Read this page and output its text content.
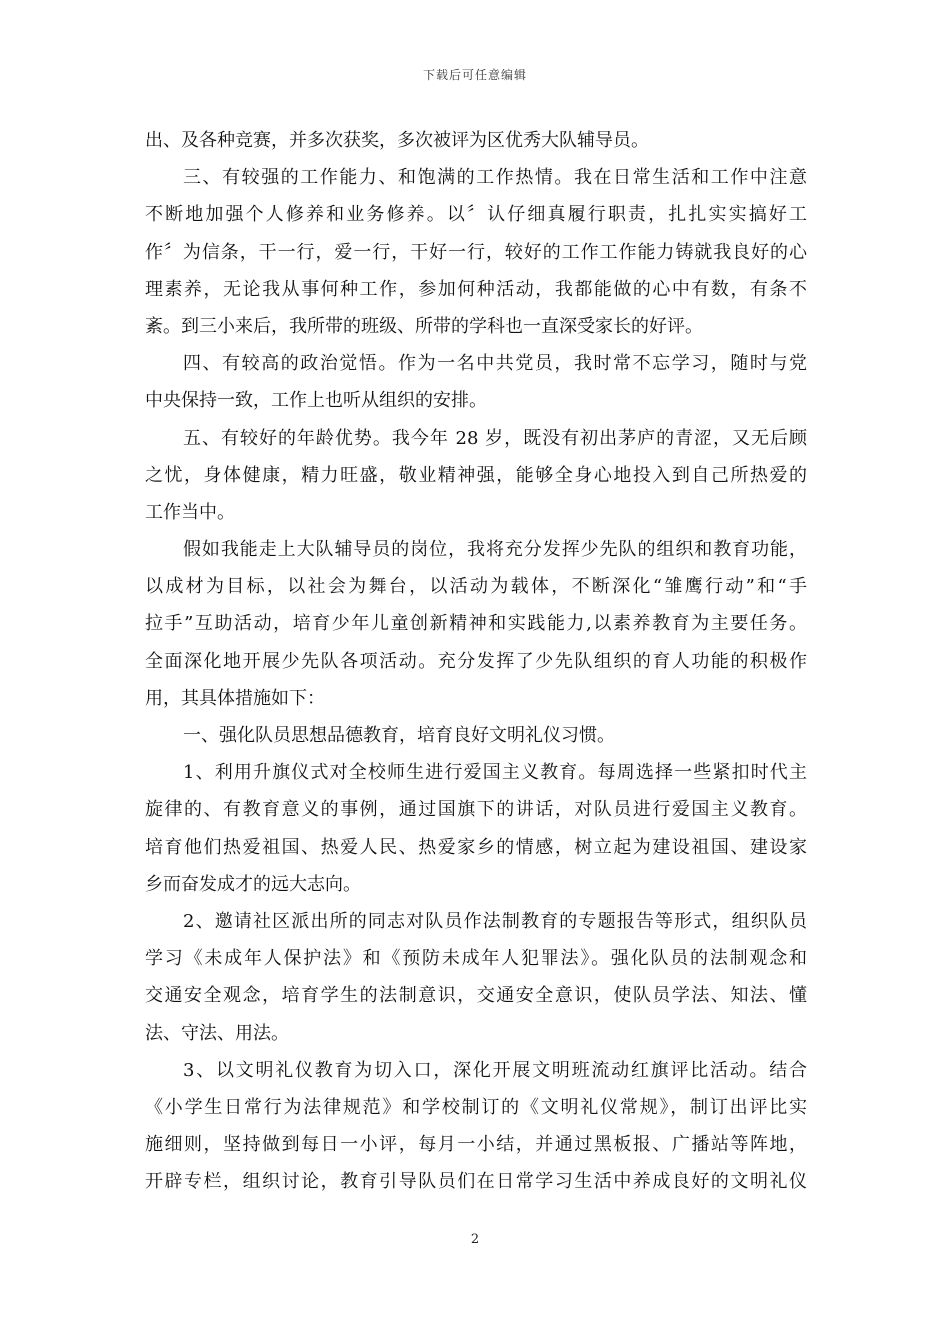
下载后可任意编辑
出、及各种竞赛，并多次获奖，多次被评为区优秀大队辅导员。
三、有较强的工作能力、和饱满的工作热情。我在日常生活和工作中注意
不断地加强个人修养和业务修养。以〞认仔细真履行职责，扎扎实实搞好工
作〞为信条，干一行，爱一行，干好一行，较好的工作工作能力铸就我良好的心
理素养，无论我从事何种工作，参加何种活动，我都能做的心中有数，有条不
紊。到三小来后，我所带的班级、所带的学科也一直深受家长的好评。
四、有较高的政治觉悟。作为一名中共党员，我时常不忘学习，随时与党
中央保持一致，工作上也听从组织的安排。
五、有较好的年龄优势。我今年 28 岁，既没有初出茅庐的青涩，又无后顾
之忧，身体健康，精力旺盛，敬业精神强，能够全身心地投入到自己所热爱的
工作当中。
假如我能走上大队辅导员的岗位，我将充分发挥少先队的组织和教育功能，
以成材为目标，以社会为舞台，以活动为载体，不断深化“雏鹰行动”和“手
拉手”互助活动，培育少年儿童创新精神和实践能力,以素养教育为主要任务。
全面深化地开展少先队各项活动。充分发挥了少先队组织的育人功能的积极作
用，其具体措施如下：
一、强化队员思想品德教育，培育良好文明礼仪习惯。
1、利用升旗仪式对全校师生进行爱国主义教育。每周选择一些紧扣时代主
旋律的、有教育意义的事例，通过国旗下的讲话，对队员进行爱国主义教育。
培育他们热爱祖国、热爱人民、热爱家乡的情感，树立起为建设祖国、建设家
乡而奋发成才的远大志向。
2、邀请社区派出所的同志对队员作法制教育的专题报告等形式，组织队员
学习《未成年人保护法》和《预防未成年人犯罪法》。强化队员的法制观念和
交通安全观念，培育学生的法制意识，交通安全意识，使队员学法、知法、懂
法、守法、用法。
3、以文明礼仪教育为切入口，深化开展文明班流动红旗评比活动。结合
《小学生日常行为法律规范》和学校制订的《文明礼仪常规》，制订出评比实
施细则，坚持做到每日一小评，每月一小结，并通过黑板报、广播站等阵地，
开辟专栏，组织讨论，教育引导队员们在日常学习生活中养成良好的文明礼仪
2
